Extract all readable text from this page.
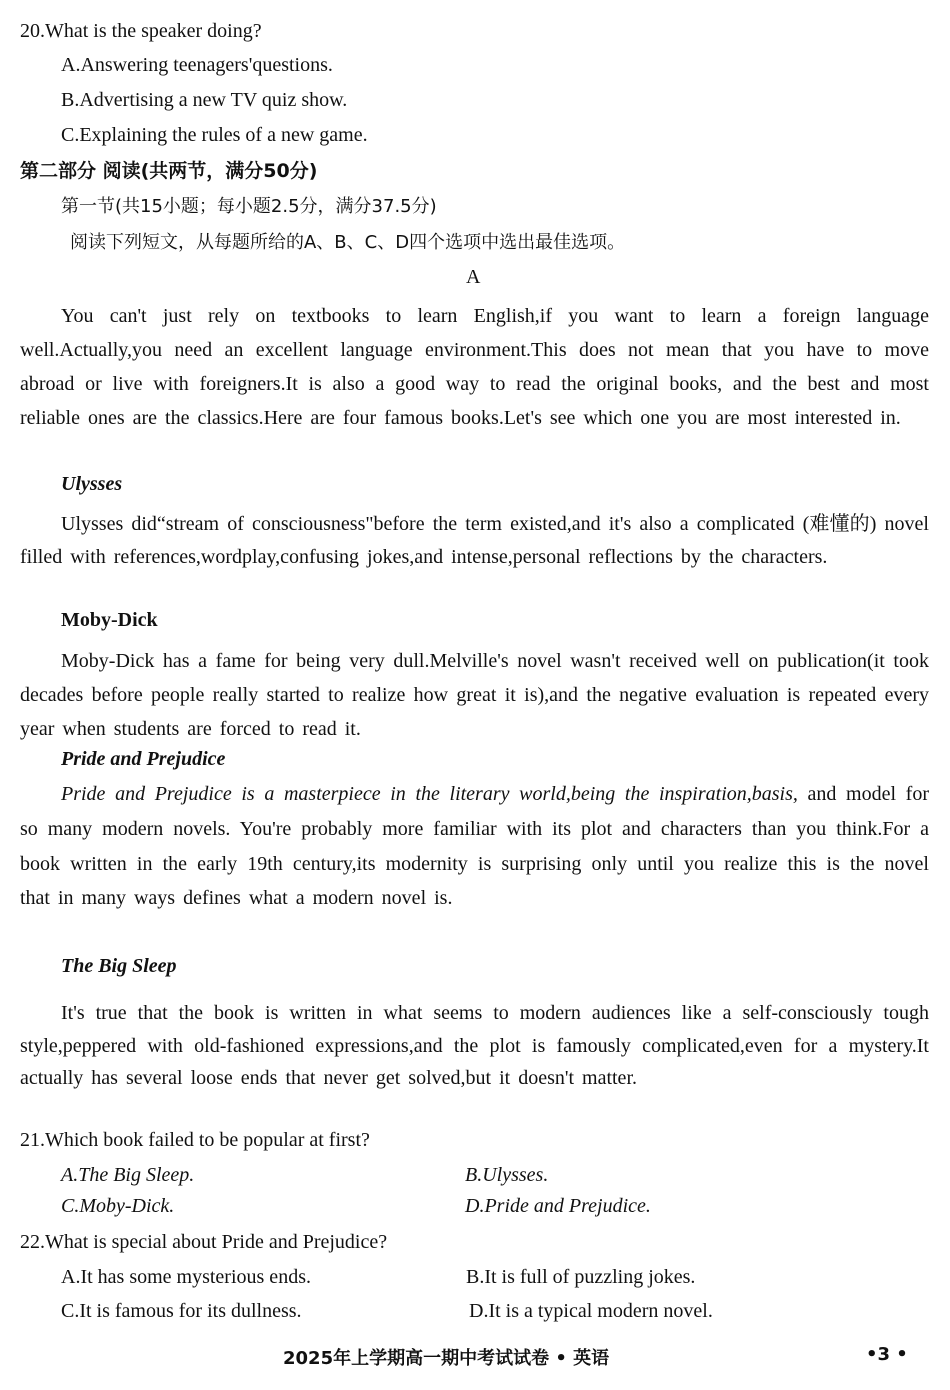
20.What is the speaker doing?
A.Answering teenagers'questions.
B.Advertising a new TV quiz show.
C.Explaining the rules of a new game.
第二部分 阅读(共两节，满分50分)
第一节(共15小题；每小题2.5分，满分37.5分)
阅读下列短文，从每题所给的A、B、C、D四个选项中选出最佳选项。
A
You can't just rely on textbooks to learn English,if you want to learn a foreign language well.Actually,you need an excellent language environment.This does not mean that you have to move abroad or live with foreigners.It is also a good way to read the original books, and the best and most reliable ones are the classics.Here are four famous books.Let's see which one you are most interested in.
Ulysses
Ulysses did“stream of consciousness"before the term existed,and it's also a complicated (难懂的) novel filled with references,wordplay,confusing jokes,and intense,personal reflections by the characters.
Moby-Dick
Moby-Dick has a fame for being very dull.Melville's novel wasn't received well on publication(it took decades before people really started to realize how great it is),and the negative evaluation is repeated every year when students are forced to read it.
Pride and Prejudice
Pride and Prejudice is a masterpiece in the literary world,being the inspiration,basis, and model for so many modern novels. You're probably more familiar with its plot and characters than you think.For a book written in the early 19th century,its modernity is surprising only until you realize this is the novel that in many ways defines what a modern novel is.
The Big Sleep
It's true that the book is written in what seems to modern audiences like a self-consciously tough style,peppered with old-fashioned expressions,and the plot is famously complicated,even for a mystery.It actually has several loose ends that never get solved,but it doesn't matter.
21.Which book failed to be popular at first?
A.The Big Sleep.	B.Ulysses.
C.Moby-Dick.	D.Pride and Prejudice.
22.What is special about Pride and Prejudice?
A.It has some mysterious ends.	B.It is full of puzzling jokes.
C.It is famous for its dullness.	D.It is a typical modern novel.
2025年上学期高一期中考试试卷 • 英语	•3 •
